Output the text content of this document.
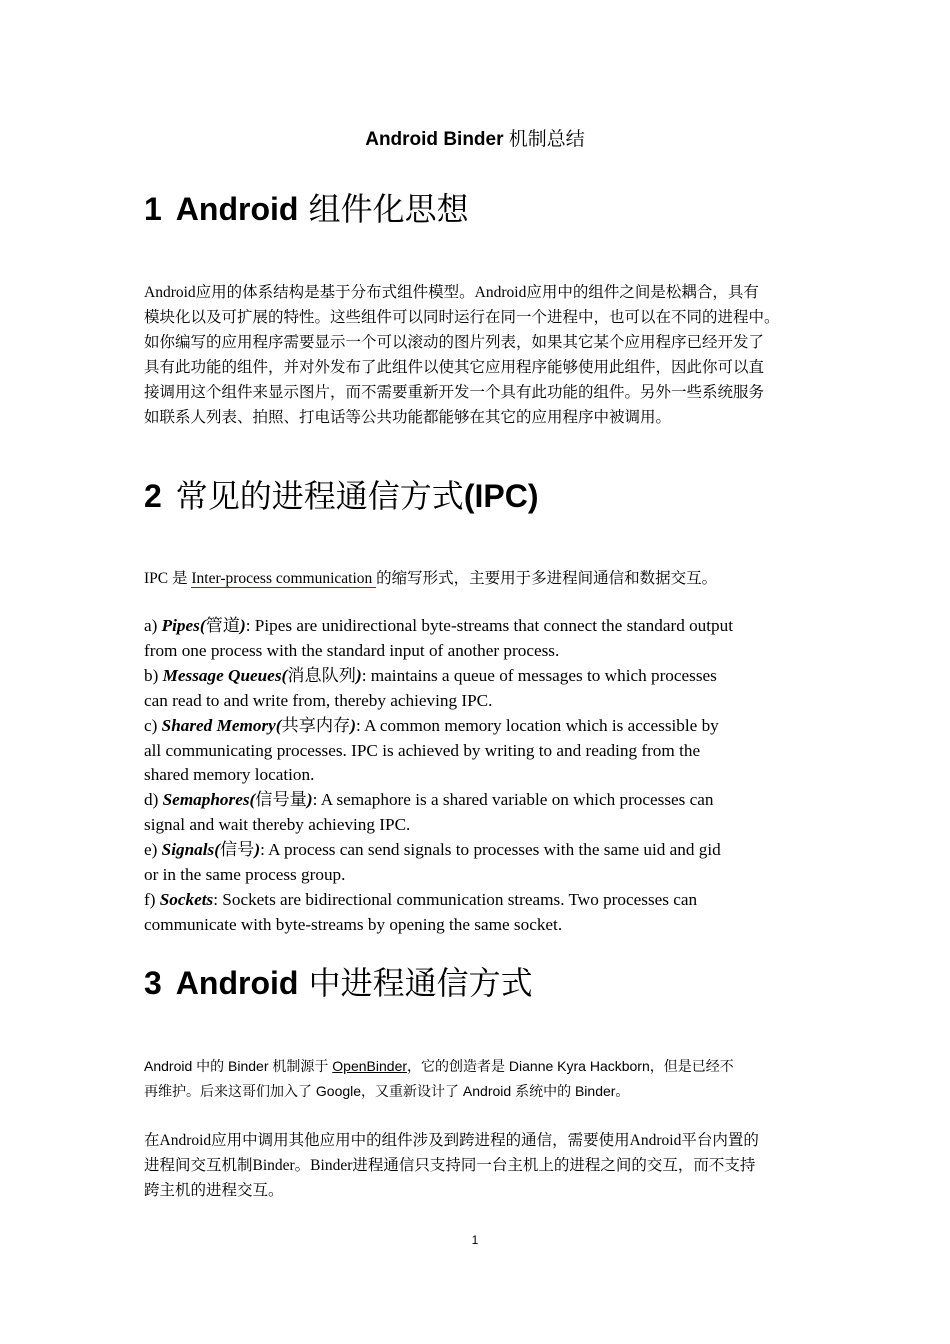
Android Binder 机制总结
1 Android 组件化思想

Android应用的体系结构是基于分布式组件模型。Android应用中的组件之间是松耦合，具有

模块化以及可扩展的特性。这些组件可以同时运行在同一个进程中，也可以在不同的进程中。

如你编写的应用程序需要显示一个可以滚动的图片列表，如果其它某个应用程序已经开发了

具有此功能的组件，并对外发布了此组件以使其它应用程序能够使用此组件，因此你可以直

接调用这个组件来显示图片，而不需要重新开发一个具有此功能的组件。另外一些系统服务

如联系人列表、拍照、打电话等公共功能都能够在其它的应用程序中被调用。

2 常见的进程通信方式(IPC)

IPC 是 Inter-process communication 的缩写形式，主要用于多进程间通信和数据交互。

a) Pipes(管道): Pipes are unidirectional byte-streams that connect the standard output

from one process with the standard input of another process.

b) Message Queues(消息队列): maintains a queue of messages to which processes

can read to and write from, thereby achieving IPC.

c) Shared Memory(共享内存): A common memory location which is accessible by

all communicating processes. IPC is achieved by writing to and reading from the

shared memory location.

d) Semaphores(信号量): A semaphore is a shared variable on which processes can

signal and wait thereby achieving IPC.

e) Signals(信号): A process can send signals to processes with the same uid and gid

or in the same process group.

f) Sockets: Sockets are bidirectional communication streams. Two processes can

communicate with byte-streams by opening the same socket.

3 Android 中进程通信方式

Android 中的 Binder 机制源于 OpenBinder，它的创造者是 Dianne Kyra Hackborn，但是已经不

再维护。后来这哥们加入了 Google，又重新设计了 Android 系统中的 Binder。

在Android应用中调用其他应用中的组件涉及到跨进程的通信，需要使用Android平台内置的

进程间交互机制Binder。Binder进程通信只支持同一台主机上的进程之间的交互，而不支持

跨主机的进程交互。

1
